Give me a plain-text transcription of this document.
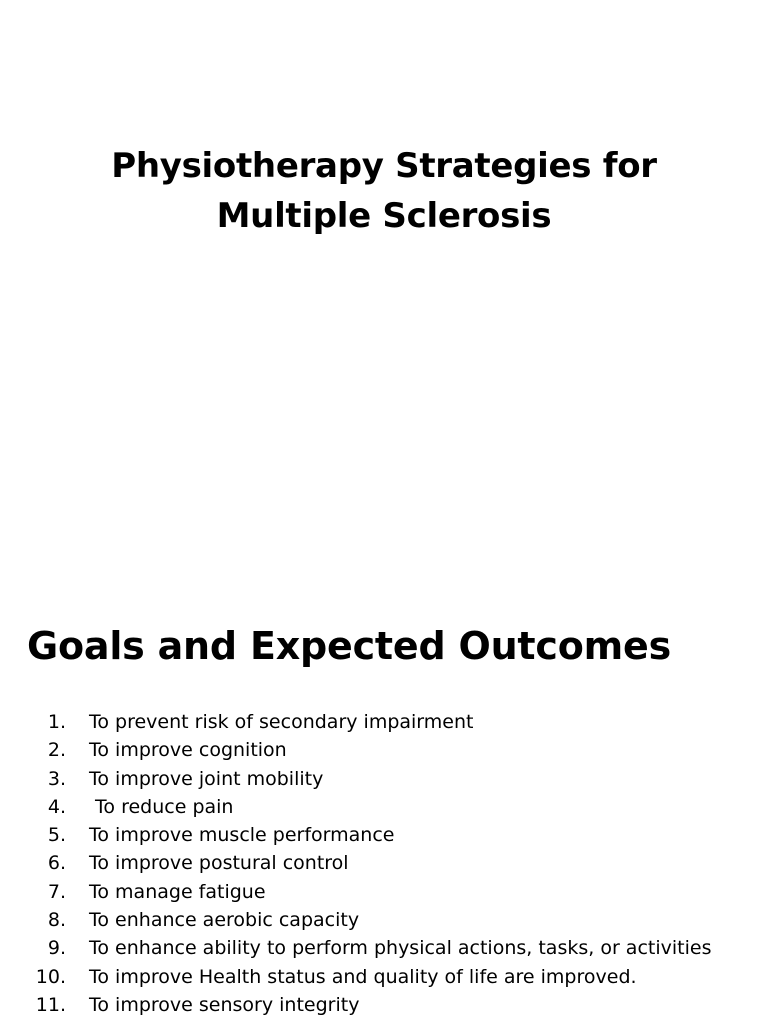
Physiotherapy Strategies for
Multiple Sclerosis
Goals and Expected Outcomes
1. To prevent risk of secondary impairment
2. To improve cognition
3. To improve joint mobility
4. To reduce pain
5. To improve muscle performance
6. To improve postural control
7. To manage fatigue
8. To enhance aerobic capacity
9. To enhance ability to perform physical actions, tasks, or activities
10. To improve Health status and quality of life are improved.
11. To improve sensory integrity
